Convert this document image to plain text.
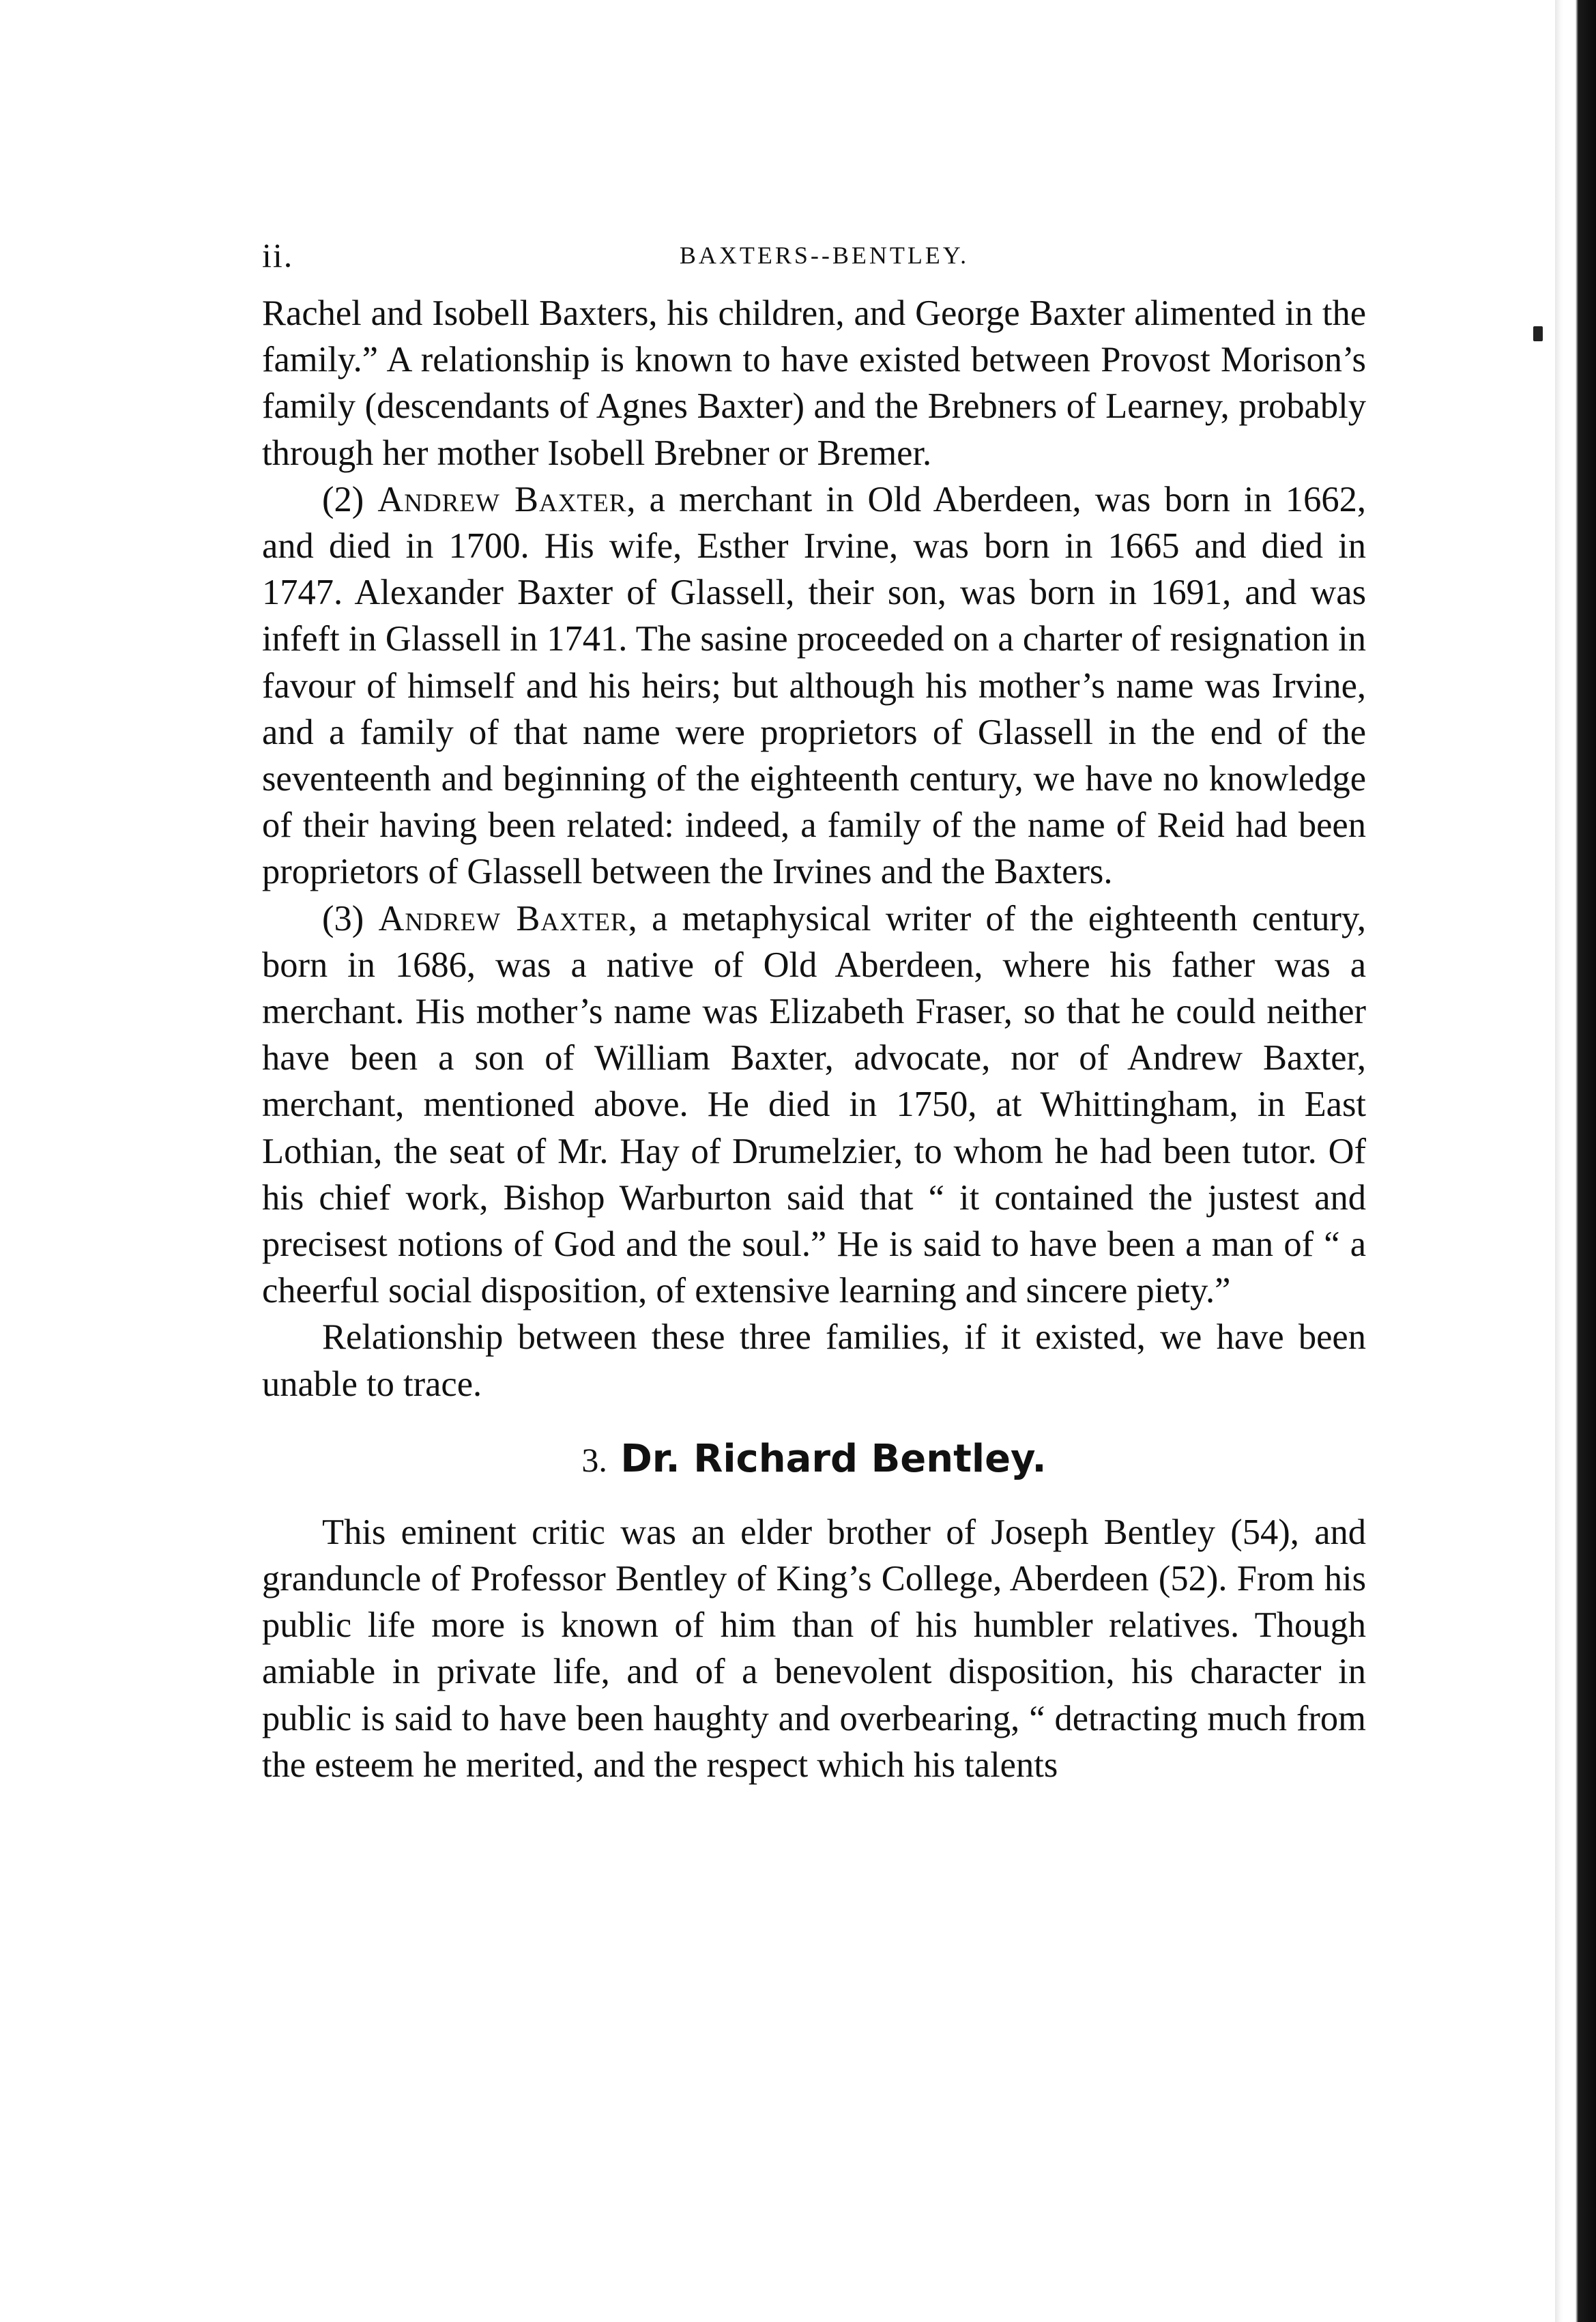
ii.	BAXTERS--BENTLEY.

Rachel and Isobell Baxters, his children, and George Baxter alimented in the family.” A relationship is known to have existed between Provost Morison’s family (descendants of Agnes Baxter) and the Brebners of Learney, probably through her mother Isobell Brebner or Bremer.

(2) Andrew Baxter, a merchant in Old Aberdeen, was born in 1662, and died in 1700. His wife, Esther Irvine, was born in 1665 and died in 1747. Alexander Baxter of Glassell, their son, was born in 1691, and was infeft in Glassell in 1741. The sasine proceeded on a charter of resignation in favour of himself and his heirs; but although his mother’s name was Irvine, and a family of that name were proprietors of Glassell in the end of the seventeenth and beginning of the eighteenth century, we have no knowledge of their having been related: indeed, a family of the name of Reid had been proprietors of Glassell between the Irvines and the Baxters.

(3) Andrew Baxter, a metaphysical writer of the eighteenth century, born in 1686, was a native of Old Aberdeen, where his father was a merchant. His mother’s name was Elizabeth Fraser, so that he could neither have been a son of William Baxter, advocate, nor of Andrew Baxter, merchant, mentioned above. He died in 1750, at Whittingham, in East Lothian, the seat of Mr. Hay of Drumelzier, to whom he had been tutor. Of his chief work, Bishop Warburton said that “ it contained the justest and precisest notions of God and the soul.” He is said to have been a man of “ a cheerful social disposition, of extensive learning and sincere piety.”

Relationship between these three families, if it existed, we have been unable to trace.

3. Dr. Richard Bentley.

This eminent critic was an elder brother of Joseph Bentley (54), and granduncle of Professor Bentley of King’s College, Aberdeen (52). From his public life more is known of him than of his humbler relatives. Though amiable in private life, and of a benevolent disposition, his character in public is said to have been haughty and overbearing, “ detracting much from the esteem he merited, and the respect which his talents
